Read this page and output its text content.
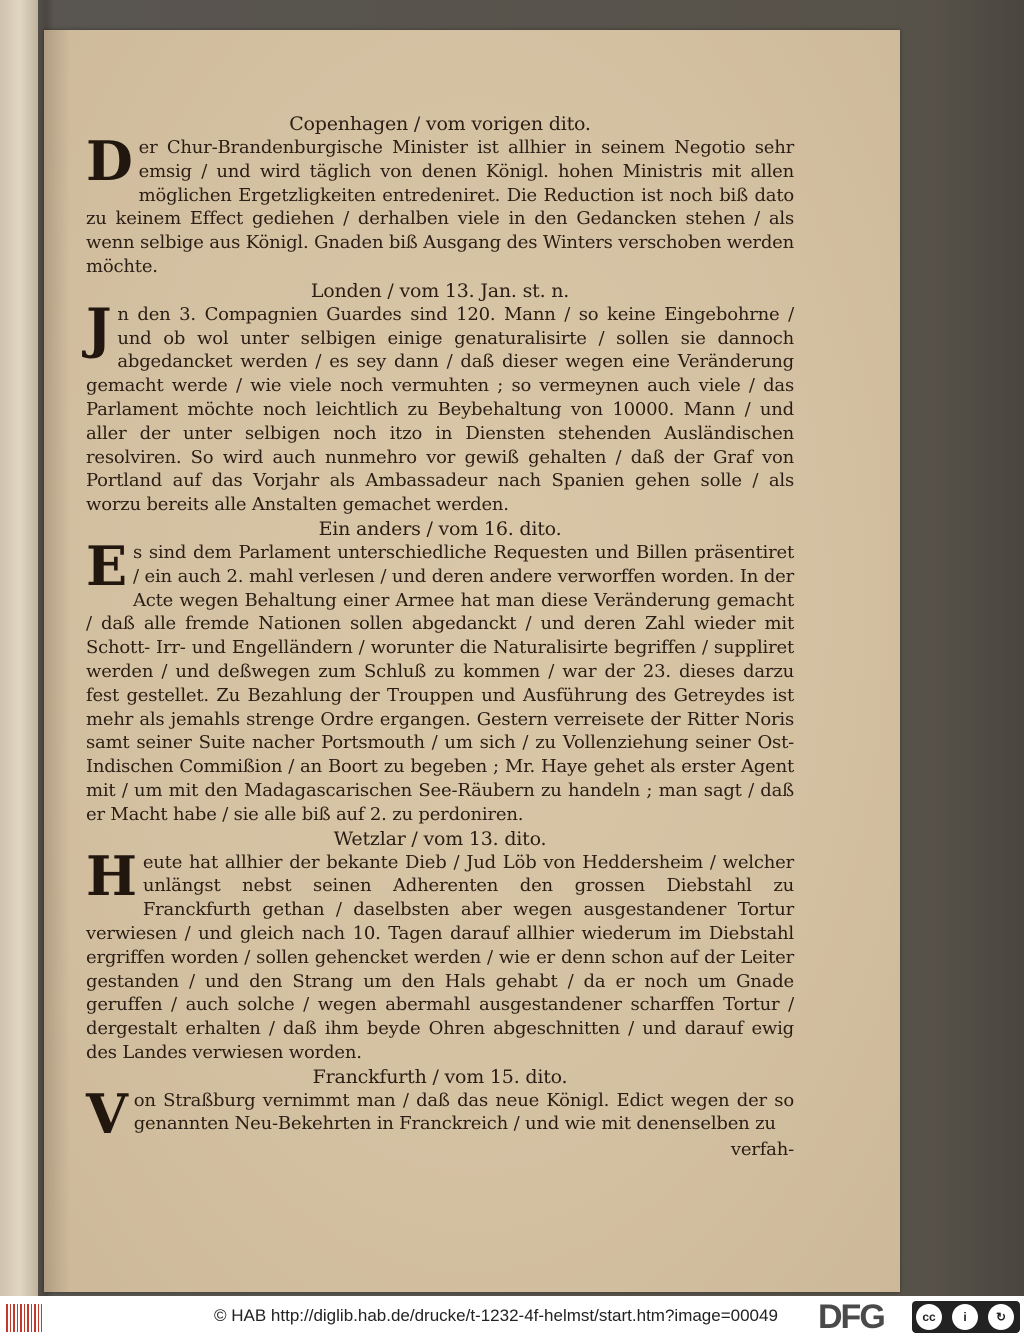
Copenhagen / vom vorigen dito.
Der Chur-Brandenburgische Minister ist allhier in seinem Negotio sehr emsig / und wird täglich von denen Königl. hohen Ministris mit allen möglichen Ergetzligkeiten entredeniret. Die Reduction ist noch biß dato zu keinem Effect gediehen / derhalben viele in den Gedancken stehen / als wenn selbige aus Königl. Gnaden biß Ausgang des Winters verschoben werden möchte.
Londen / vom 13. Jan. st. n.
Jn den 3. Compagnien Guardes sind 120. Mann / so keine Eingebohrne / und ob wol unter selbigen einige genaturalisirte / sollen sie dannoch abgedancket werden / es sey dann / daß dieser wegen eine Veränderung gemacht werde / wie viele noch vermuhten ; so vermeynen auch viele / das Parlament möchte noch leichtlich zu Beybehaltung von 10000. Mann / und aller der unter selbigen noch itzo in Diensten stehenden Ausländischen resolviren. So wird auch nunmehro vor gewiß gehalten / daß der Graf von Portland auf das Vorjahr als Ambassadeur nach Spanien gehen solle / als worzu bereits alle Anstalten gemachet werden.
Ein anders / vom 16. dito.
Es sind dem Parlament unterschiedliche Requesten und Billen präsentiret / ein auch 2. mahl verlesen / und deren andere verworffen worden. In der Acte wegen Behaltung einer Armee hat man diese Veränderung gemacht / daß alle fremde Nationen sollen abgedanckt / und deren Zahl wieder mit Schott- Irr- und Engelländern / worunter die Naturalisirte begriffen / suppliret werden / und deßwegen zum Schluß zu kommen / war der 23. dieses darzu fest gestellet. Zu Bezahlung der Trouppen und Ausführung des Getreydes ist mehr als jemahls strenge Ordre ergangen. Gestern verreisete der Ritter Noris samt seiner Suite nacher Portsmouth / um sich / zu Vollenziehung seiner Ost-Indischen Commißion / an Boort zu begeben ; Mr. Haye gehet als erster Agent mit / um mit den Madagascarischen See-Räubern zu handeln ; man sagt / daß er Macht habe / sie alle biß auf 2. zu perdoniren.
Wetzlar / vom 13. dito.
Heute hat allhier der bekante Dieb / Jud Löb von Heddersheim / welcher unlängst nebst seinen Adherenten den grossen Diebstahl zu Franckfurth gethan / daselbsten aber wegen ausgestandener Tortur verwiesen / und gleich nach 10. Tagen darauf allhier wiederum im Diebstahl ergriffen worden / sollen gehencket werden / wie er denn schon auf der Leiter gestanden / und den Strang um den Hals gehabt / da er noch um Gnade geruffen / auch solche / wegen abermahl ausgestandener scharffen Tortur / dergestalt erhalten / daß ihm beyde Ohren abgeschnitten / und darauf ewig des Landes verwiesen worden.
Franckfurth / vom 15. dito.
Von Straßburg vernimmt man / daß das neue Königl. Edict wegen der so genannten Neu-Bekehrten in Franckreich / und wie mit denenselben zu
verfah-
© HAB http://diglib.hab.de/drucke/t-1232-4f-helmst/start.htm?image=00049 DFG	cc	i	↻
BY	SA
